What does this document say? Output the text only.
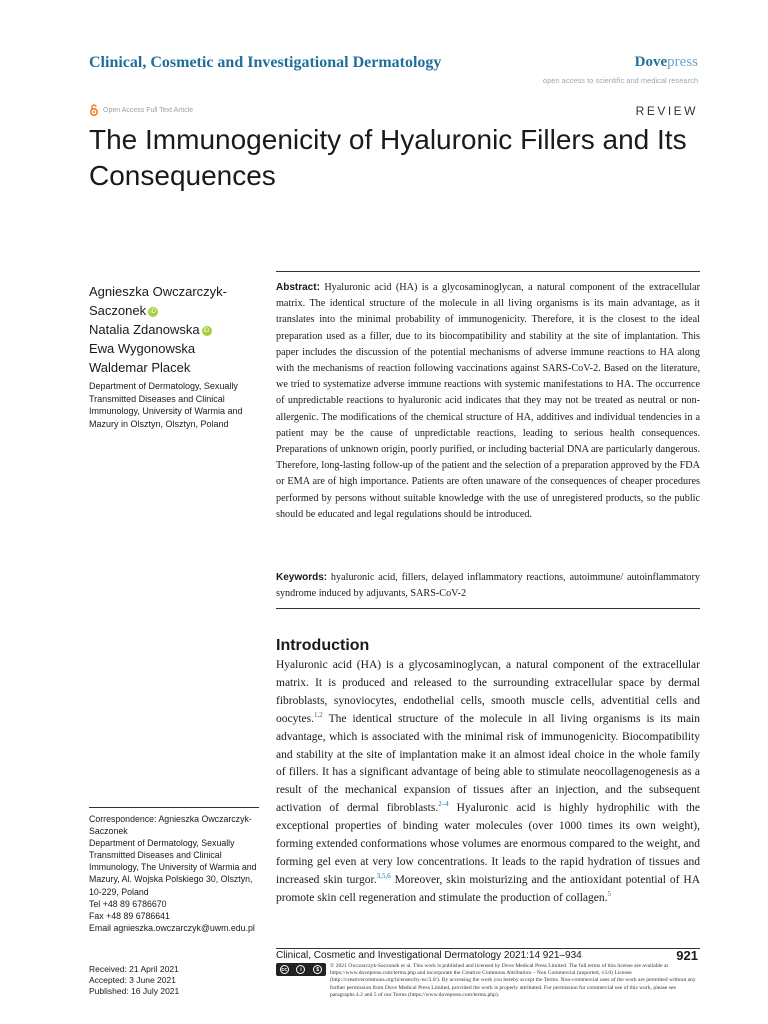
Clinical, Cosmetic and Investigational Dermatology	Dovepress
open access to scientific and medical research
Open Access Full Text Article	REVIEW
The Immunogenicity of Hyaluronic Fillers and Its Consequences
Agnieszka Owczarczyk-Saczonek iD
Natalia Zdanowska iD
Ewa Wygonowska
Waldemar Placek
Department of Dermatology, Sexually Transmitted Diseases and Clinical Immunology, University of Warmia and Mazury in Olsztyn, Olsztyn, Poland
Abstract: Hyaluronic acid (HA) is a glycosaminoglycan, a natural component of the extracellular matrix. The identical structure of the molecule in all living organisms is its main advantage, as it translates into the minimal probability of immunogenicity. Therefore, it is the closest to the ideal preparation used as a filler, due to its biocompatibility and stability at the site of implantation. This paper includes the discussion of the potential mechanisms of adverse immune reactions to HA along with the mechanisms of reaction following vaccinations against SARS-CoV-2. Based on the literature, we tried to systematize adverse immune reactions with systemic manifestations to HA. The occurrence of unpredictable reactions to hyaluronic acid indicates that they may not be treated as neutral or non-allergenic. The modifications of the chemical structure of HA, additives and individual tendencies in a patient may be the cause of unpredictable reactions, leading to serious health consequences. Preparations of unknown origin, poorly purified, or including bacterial DNA are particularly dangerous. Therefore, long-lasting follow-up of the patient and the selection of a preparation approved by the FDA or EMA are of high importance. Patients are often unaware of the consequences of cheaper procedures performed by persons without suitable knowledge with the use of unregistered products, so the public should be educated and legal regulations should be introduced.
Keywords: hyaluronic acid, fillers, delayed inflammatory reactions, autoimmune/ autoinflammatory syndrome induced by adjuvants, SARS-CoV-2
Introduction
Hyaluronic acid (HA) is a glycosaminoglycan, a natural component of the extracellular matrix. It is produced and released to the surrounding extracellular space by dermal fibroblasts, synoviocytes, endothelial cells, smooth muscle cells, adventitial cells and oocytes.$^{1,2}$ The identical structure of the molecule in all living organisms is its main advantage, which is associated with the minimal risk of immunogenicity. Biocompatibility and stability at the site of implantation make it an almost ideal choice in the whole family of fillers. It has a significant advantage of being able to stimulate neocollagenogenesis as a result of the mechanical expansion of tissues after an injection, and the subsequent activation of dermal fibroblasts.$^{2-4}$ Hyaluronic acid is highly hydrophilic with the exceptional properties of binding water molecules (over 1000 times its own weight), forming extended conformations whose volumes are enormous compared to the weight, and forming gel even at very low concentrations. It leads to the rapid hydration of tissues and increased skin turgor.$^{3,5,6}$ Moreover, skin moisturizing and the antioxidant potential of HA promote skin cell regeneration and stimulate the production of collagen.$^5$
Correspondence: Agnieszka Owczarczyk-Saczonek
Department of Dermatology, Sexually Transmitted Diseases and Clinical Immunology, The University of Warmia and Mazury, Al. Wojska Polskiego 30, Olsztyn, 10-229, Poland
Tel +48 89 6786670
Fax +48 89 6786641
Email agnieszka.owczarczyk@uwm.edu.pl
Clinical, Cosmetic and Investigational Dermatology 2021:14 921–934	921
cc	i	$
© 2021 Owczarczyk-Saczonek et al. This work is published and licensed by Dove Medical Press Limited. The full terms of this license are available at https://www.dovepress.com/terms.php and incorporate the Creative Commons Attribution – Non Commercial (unported, v3.0) License (http://creativecommons.org/licenses/by-nc/3.0/). By accessing the work you hereby accept the Terms. Non-commercial uses of the work are permitted without any further permission from Dove Medical Press Limited, provided the work is properly attributed. For permission for commercial use of this work, please see paragraphs 4.2 and 5 of our Terms (https://www.dovepress.com/terms.php).
Received: 21 April 2021
Accepted: 3 June 2021
Published: 16 July 2021
